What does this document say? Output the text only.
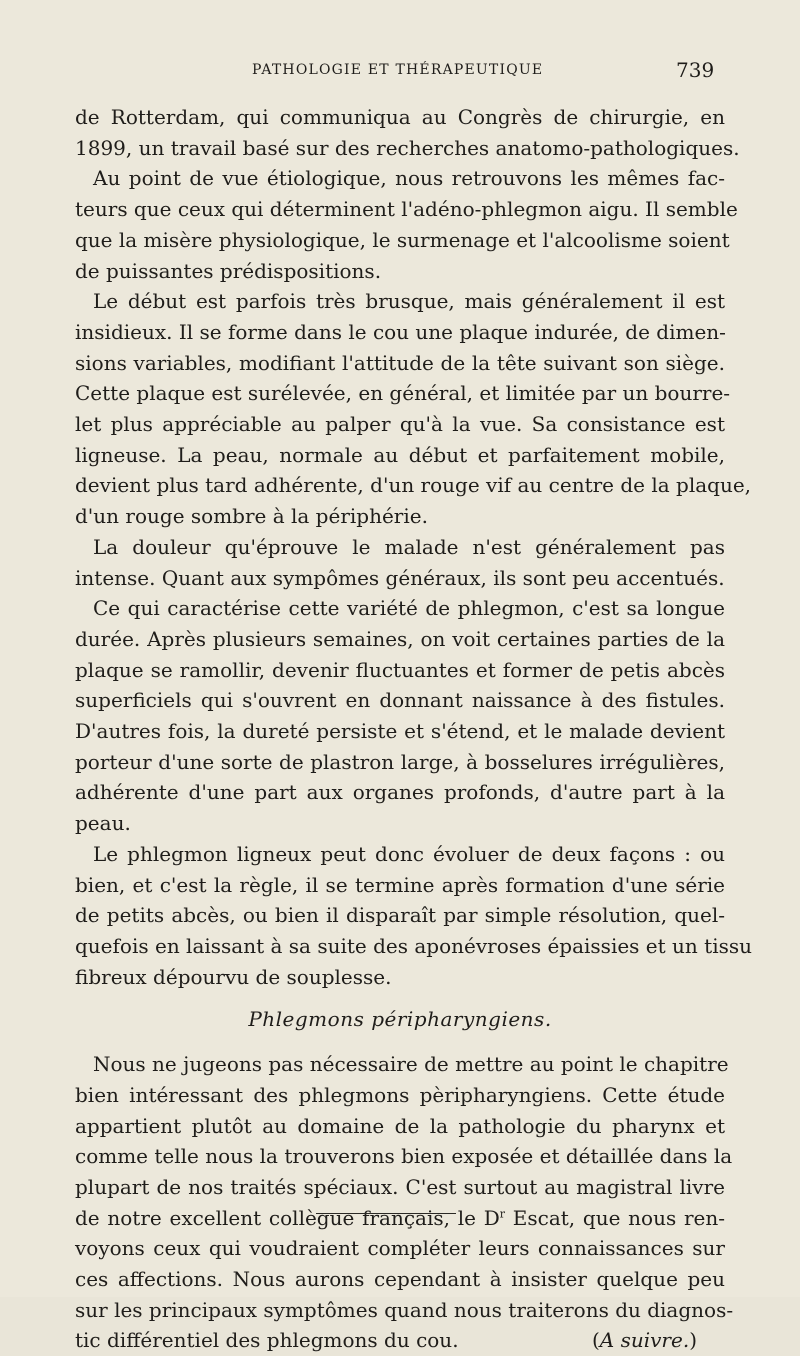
PATHOLOGIE ET THÉRAPEUTIQUE	739

de Rotterdam, qui communiqua au Congrès de chirurgie, en
1899, un travail basé sur des recherches anatomo-pathologiques.

Au point de vue étiologique, nous retrouvons les mêmes fac-
teurs que ceux qui déterminent l'adéno-phlegmon aigu. Il semble
que la misère physiologique, le surmenage et l'alcoolisme soient
de puissantes prédispositions.

Le début est parfois très brusque, mais généralement il est
insidieux. Il se forme dans le cou une plaque indurée, de dimen-
sions variables, modifiant l'attitude de la tête suivant son siège.
Cette plaque est surélevée, en général, et limitée par un bourre-
let plus appréciable au palper qu'à la vue. Sa consistance est
ligneuse. La peau, normale au début et parfaitement mobile,
devient plus tard adhérente, d'un rouge vif au centre de la plaque,
d'un rouge sombre à la périphérie.

La douleur qu'éprouve le malade n'est généralement pas
intense. Quant aux sympômes généraux, ils sont peu accentués.

Ce qui caractérise cette variété de phlegmon, c'est sa longue
durée. Après plusieurs semaines, on voit certaines parties de la
plaque se ramollir, devenir fluctuantes et former de petis abcès
superficiels qui s'ouvrent en donnant naissance à des fistules.
D'autres fois, la dureté persiste et s'étend, et le malade devient
porteur d'une sorte de plastron large, à bosselures irrégulières,
adhérente d'une part aux organes profonds, d'autre part à la
peau.

Le phlegmon ligneux peut donc évoluer de deux façons : ou
bien, et c'est la règle, il se termine après formation d'une série
de petits abcès, ou bien il disparaît par simple résolution, quel-
quefois en laissant à sa suite des aponévroses épaissies et un tissu
fibreux dépourvu de souplesse.

Phlegmons péripharyngiens.

Nous ne jugeons pas nécessaire de mettre au point le chapitre
bien intéressant des phlegmons pèripharyngiens. Cette étude
appartient plutôt au domaine de la pathologie du pharynx et
comme telle nous la trouverons bien exposée et détaillée dans la
plupart de nos traités spéciaux. C'est surtout au magistral livre
de notre excellent collègue français, le $D^r$ Escat, que nous ren-
voyons ceux qui voudraient compléter leurs connaissances sur
ces affections. Nous aurons cependant à insister quelque peu
sur les principaux symptômes quand nous traiterons du diagnos-
tic différentiel des phlegmons du cou.	(A suivre.)
